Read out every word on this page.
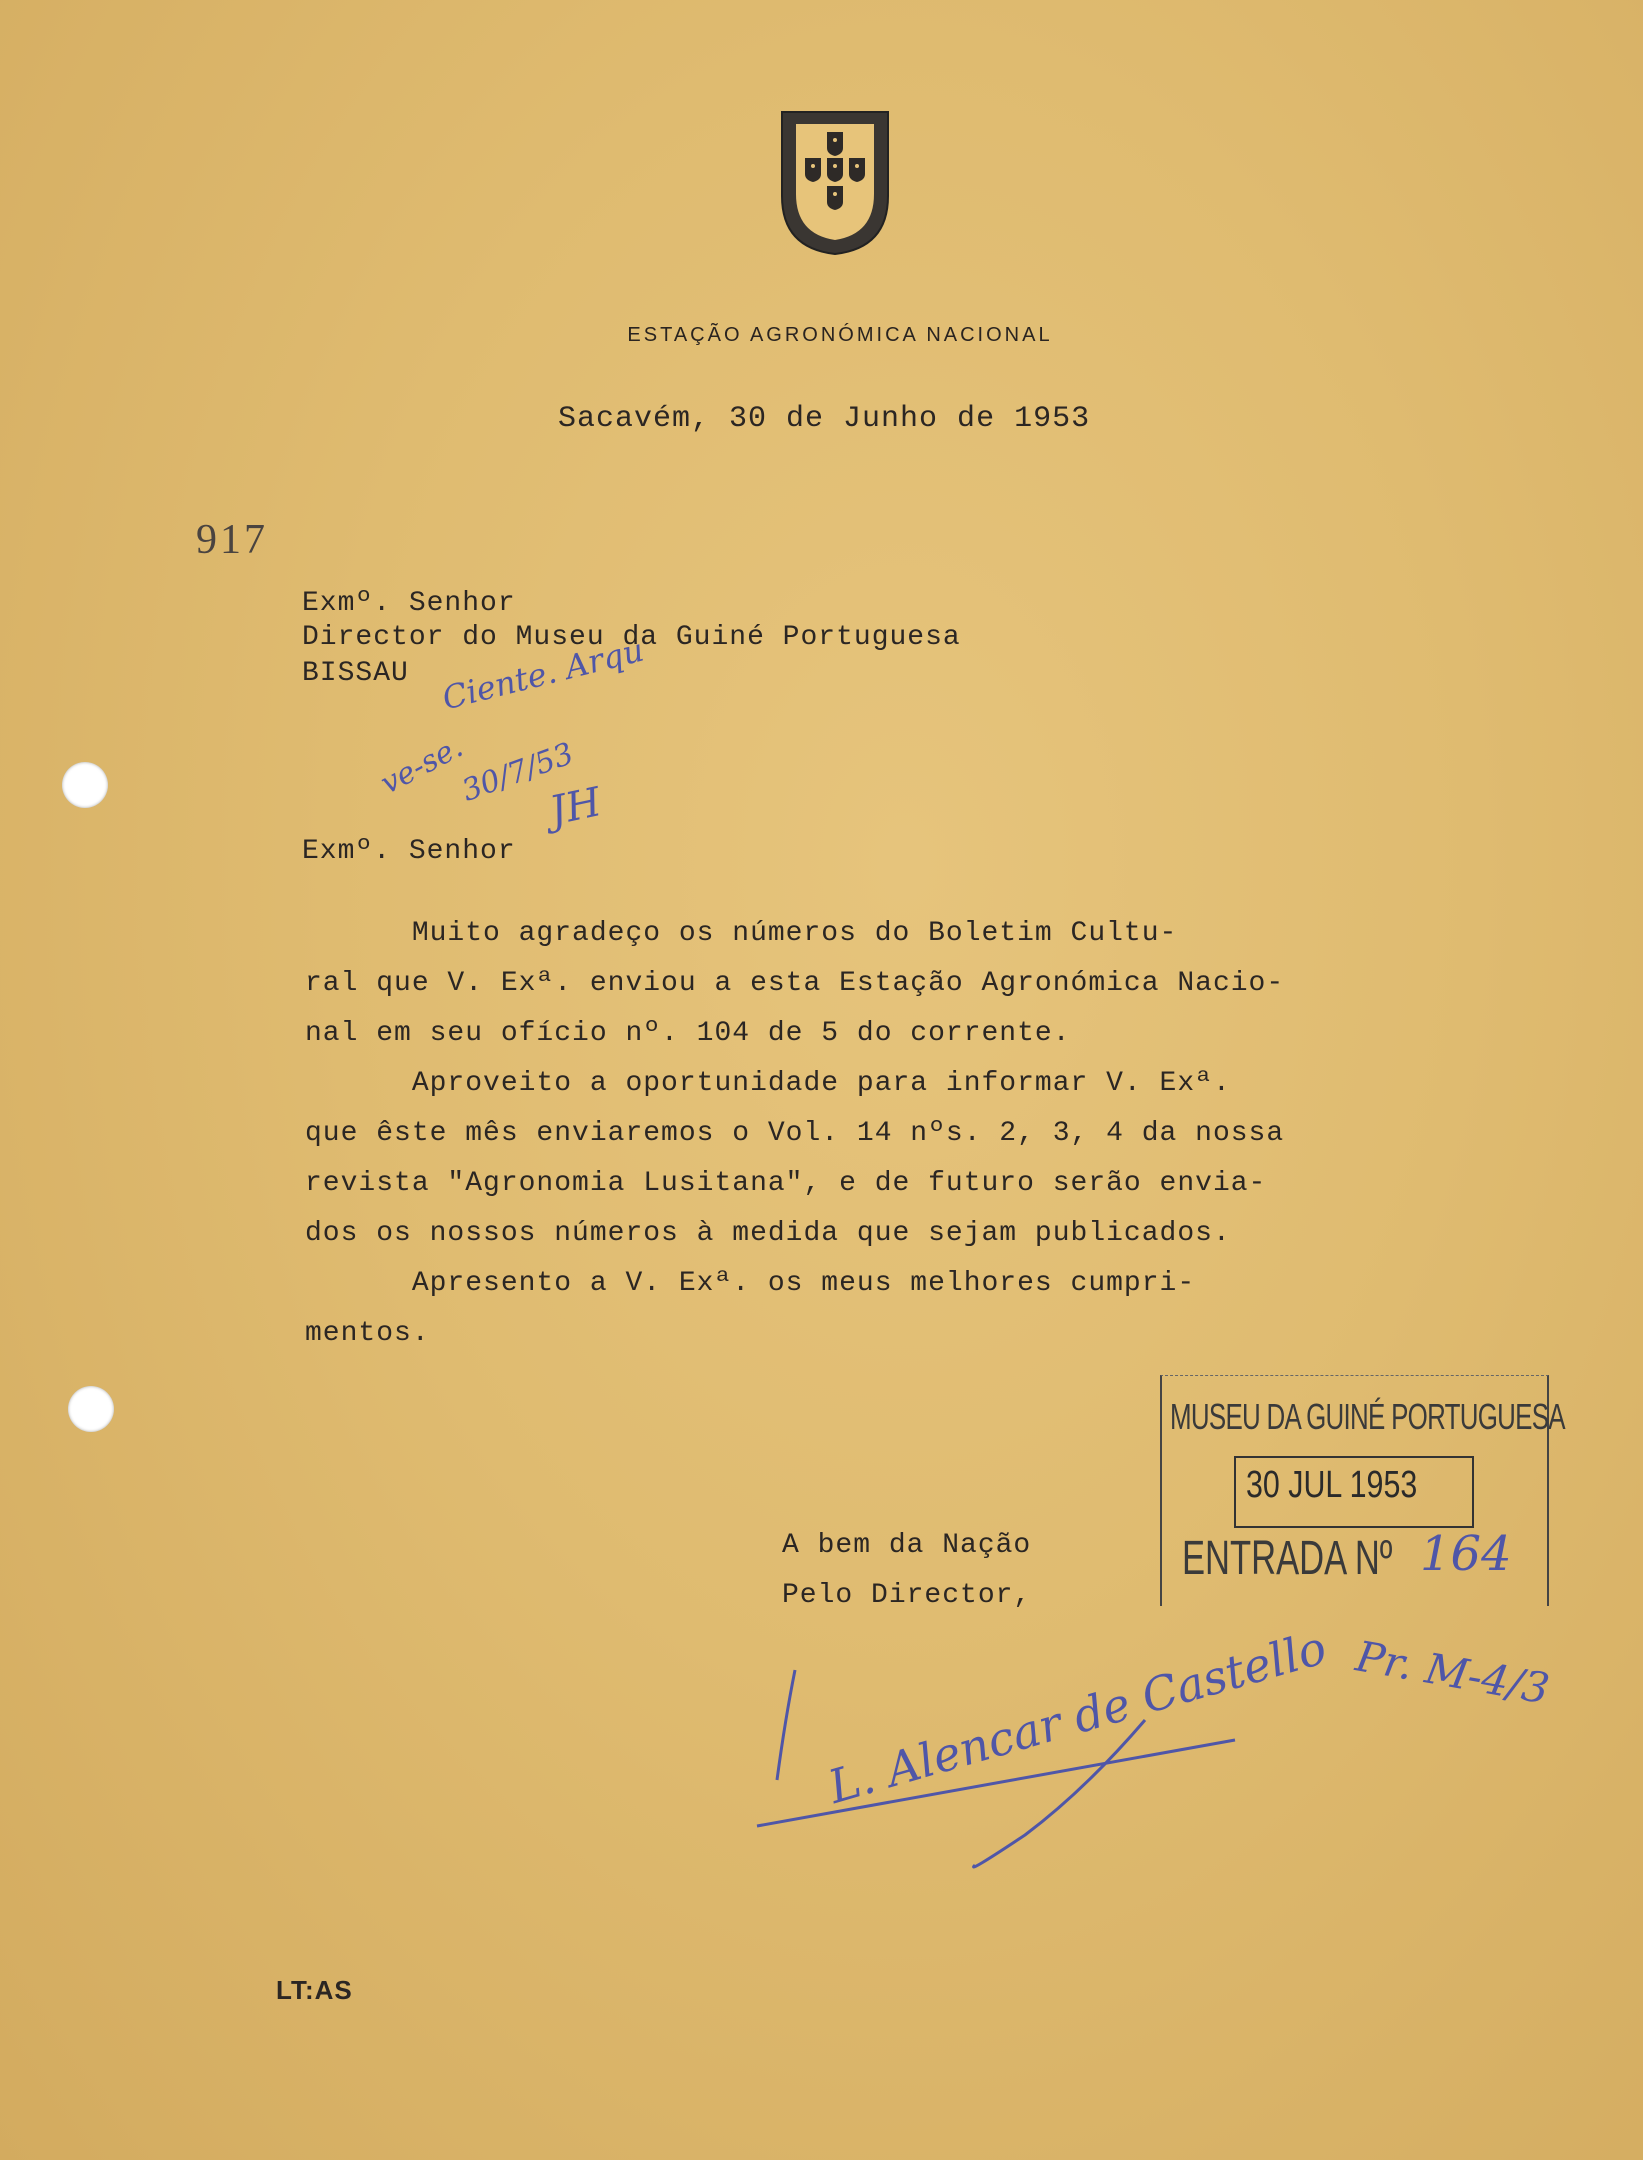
ESTAÇÃO AGRONÓMICA NACIONAL
Sacavém, 30 de Junho de 1953
917
Exmº. Senhor
Director do Museu da Guiné Portuguesa
BISSAU Ciente. Arqu
ve-se.
30/7/53
JH
Exmº. Senhor
Muito agradeço os números do Boletim Cultu-
ral que V. Exª. enviou a esta Estação Agronómica Nacio-
nal em seu ofício nº. 104 de 5 do corrente.
Aproveito a oportunidade para informar V. Exª.
que êste mês enviaremos o Vol. 14 nºs. 2, 3, 4 da nossa
revista "Agronomia Lusitana", e de futuro serão envia-
dos os nossos números à medida que sejam publicados.
Apresento a V. Exª. os meus melhores cumpri-
mentos.
A bem da Nação
Pelo Director,
MUSEU DA GUINÉ PORTUGUESA
30 JUL 1953
ENTRADA Nº 164
Pr. M-4/3
L. Alencar de Castello
LT:AS
